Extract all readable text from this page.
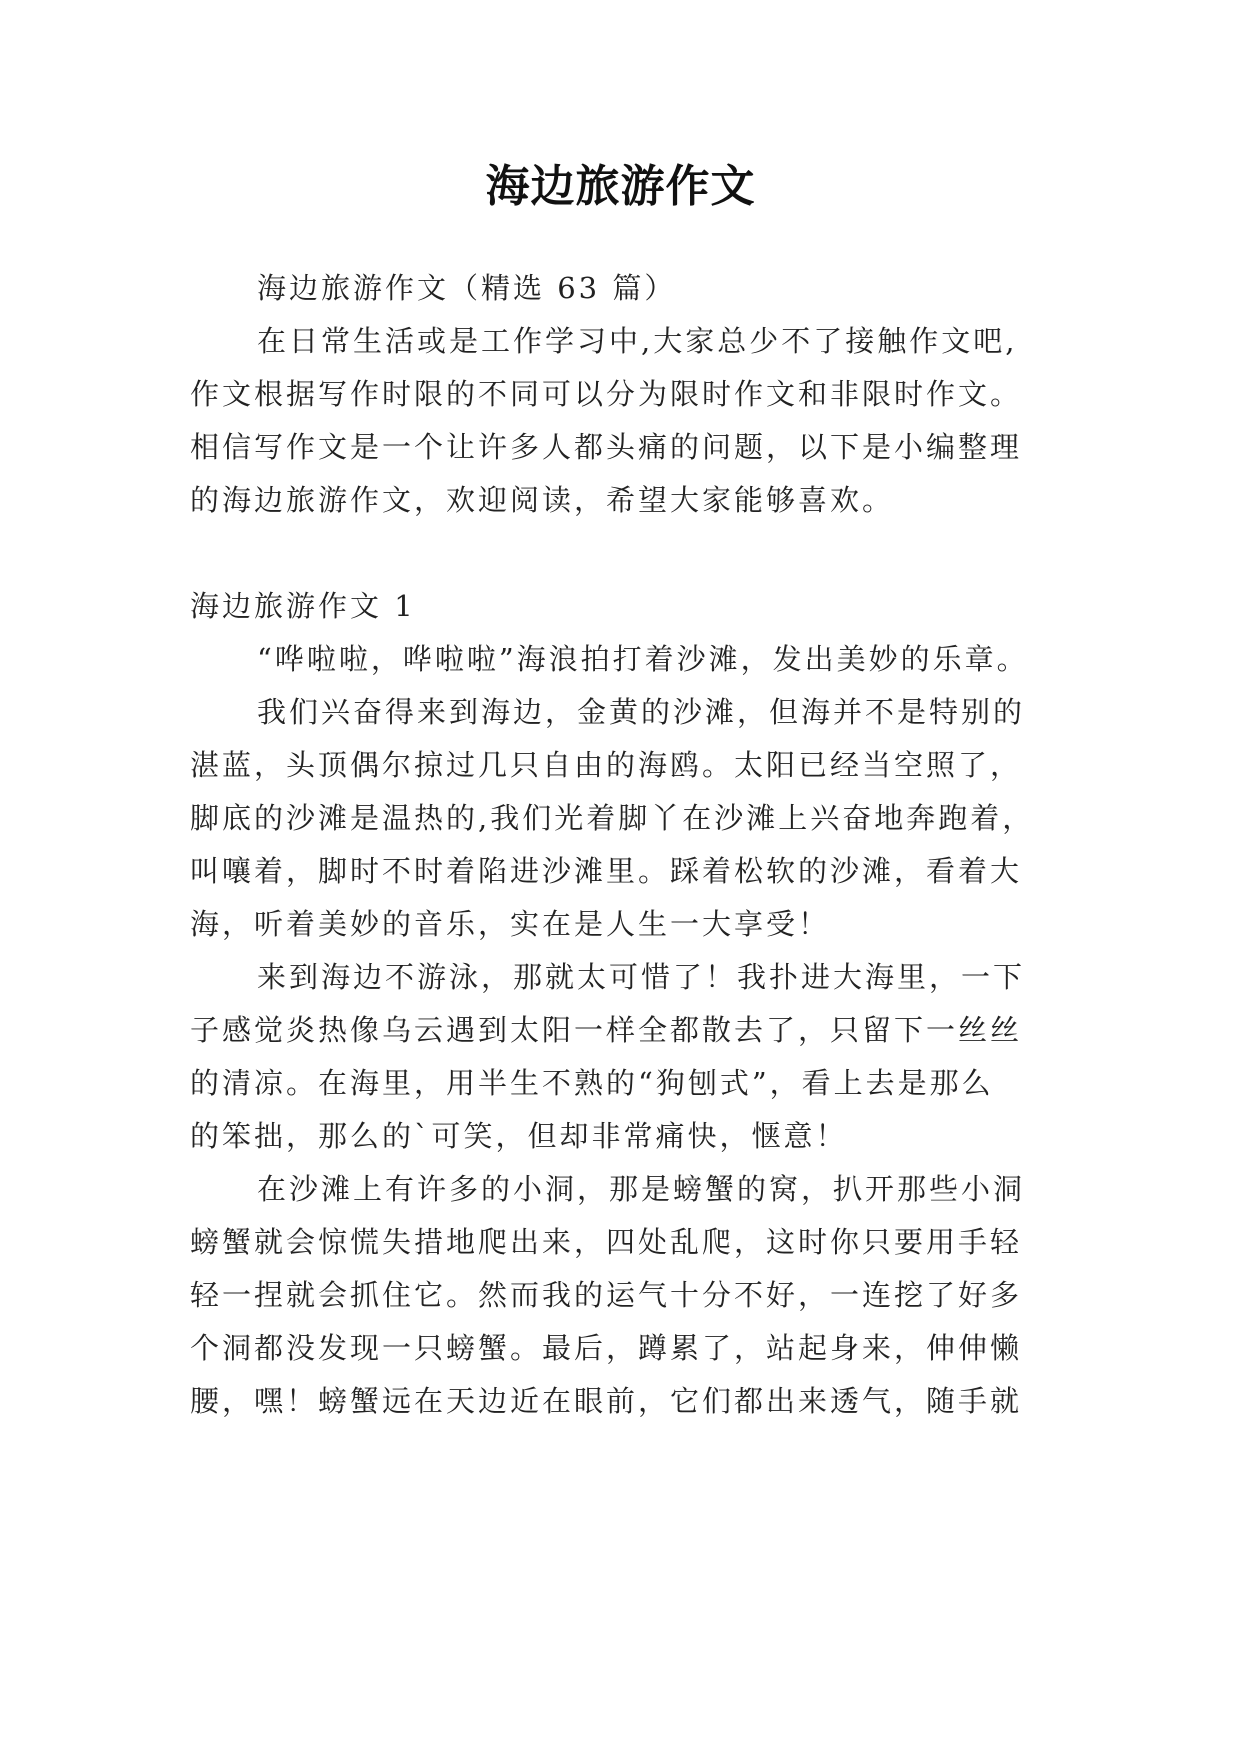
海边旅游作文
海边旅游作文（精选 63 篇）
在日常生活或是工作学习中,大家总少不了接触作文吧,
作文根据写作时限的不同可以分为限时作文和非限时作文。
相信写作文是一个让许多人都头痛的问题，以下是小编整理
的海边旅游作文，欢迎阅读，希望大家能够喜欢。
海边旅游作文 1
“哗啦啦，哗啦啦”海浪拍打着沙滩，发出美妙的乐章。
我们兴奋得来到海边，金黄的沙滩，但海并不是特别的
湛蓝，头顶偶尔掠过几只自由的海鸥。太阳已经当空照了，
脚底的沙滩是温热的,我们光着脚丫在沙滩上兴奋地奔跑着，
叫嚷着，脚时不时着陷进沙滩里。踩着松软的沙滩，看着大
海，听着美妙的音乐，实在是人生一大享受！
来到海边不游泳，那就太可惜了！我扑进大海里，一下
子感觉炎热像乌云遇到太阳一样全都散去了，只留下一丝丝
的清凉。在海里，用半生不熟的“狗刨式”，看上去是那么
的笨拙，那么的`可笑，但却非常痛快，惬意！
在沙滩上有许多的小洞，那是螃蟹的窝，扒开那些小洞
螃蟹就会惊慌失措地爬出来，四处乱爬，这时你只要用手轻
轻一捏就会抓住它。然而我的运气十分不好，一连挖了好多
个洞都没发现一只螃蟹。最后，蹲累了，站起身来，伸伸懒
腰，嘿！螃蟹远在天边近在眼前，它们都出来透气，随手就
